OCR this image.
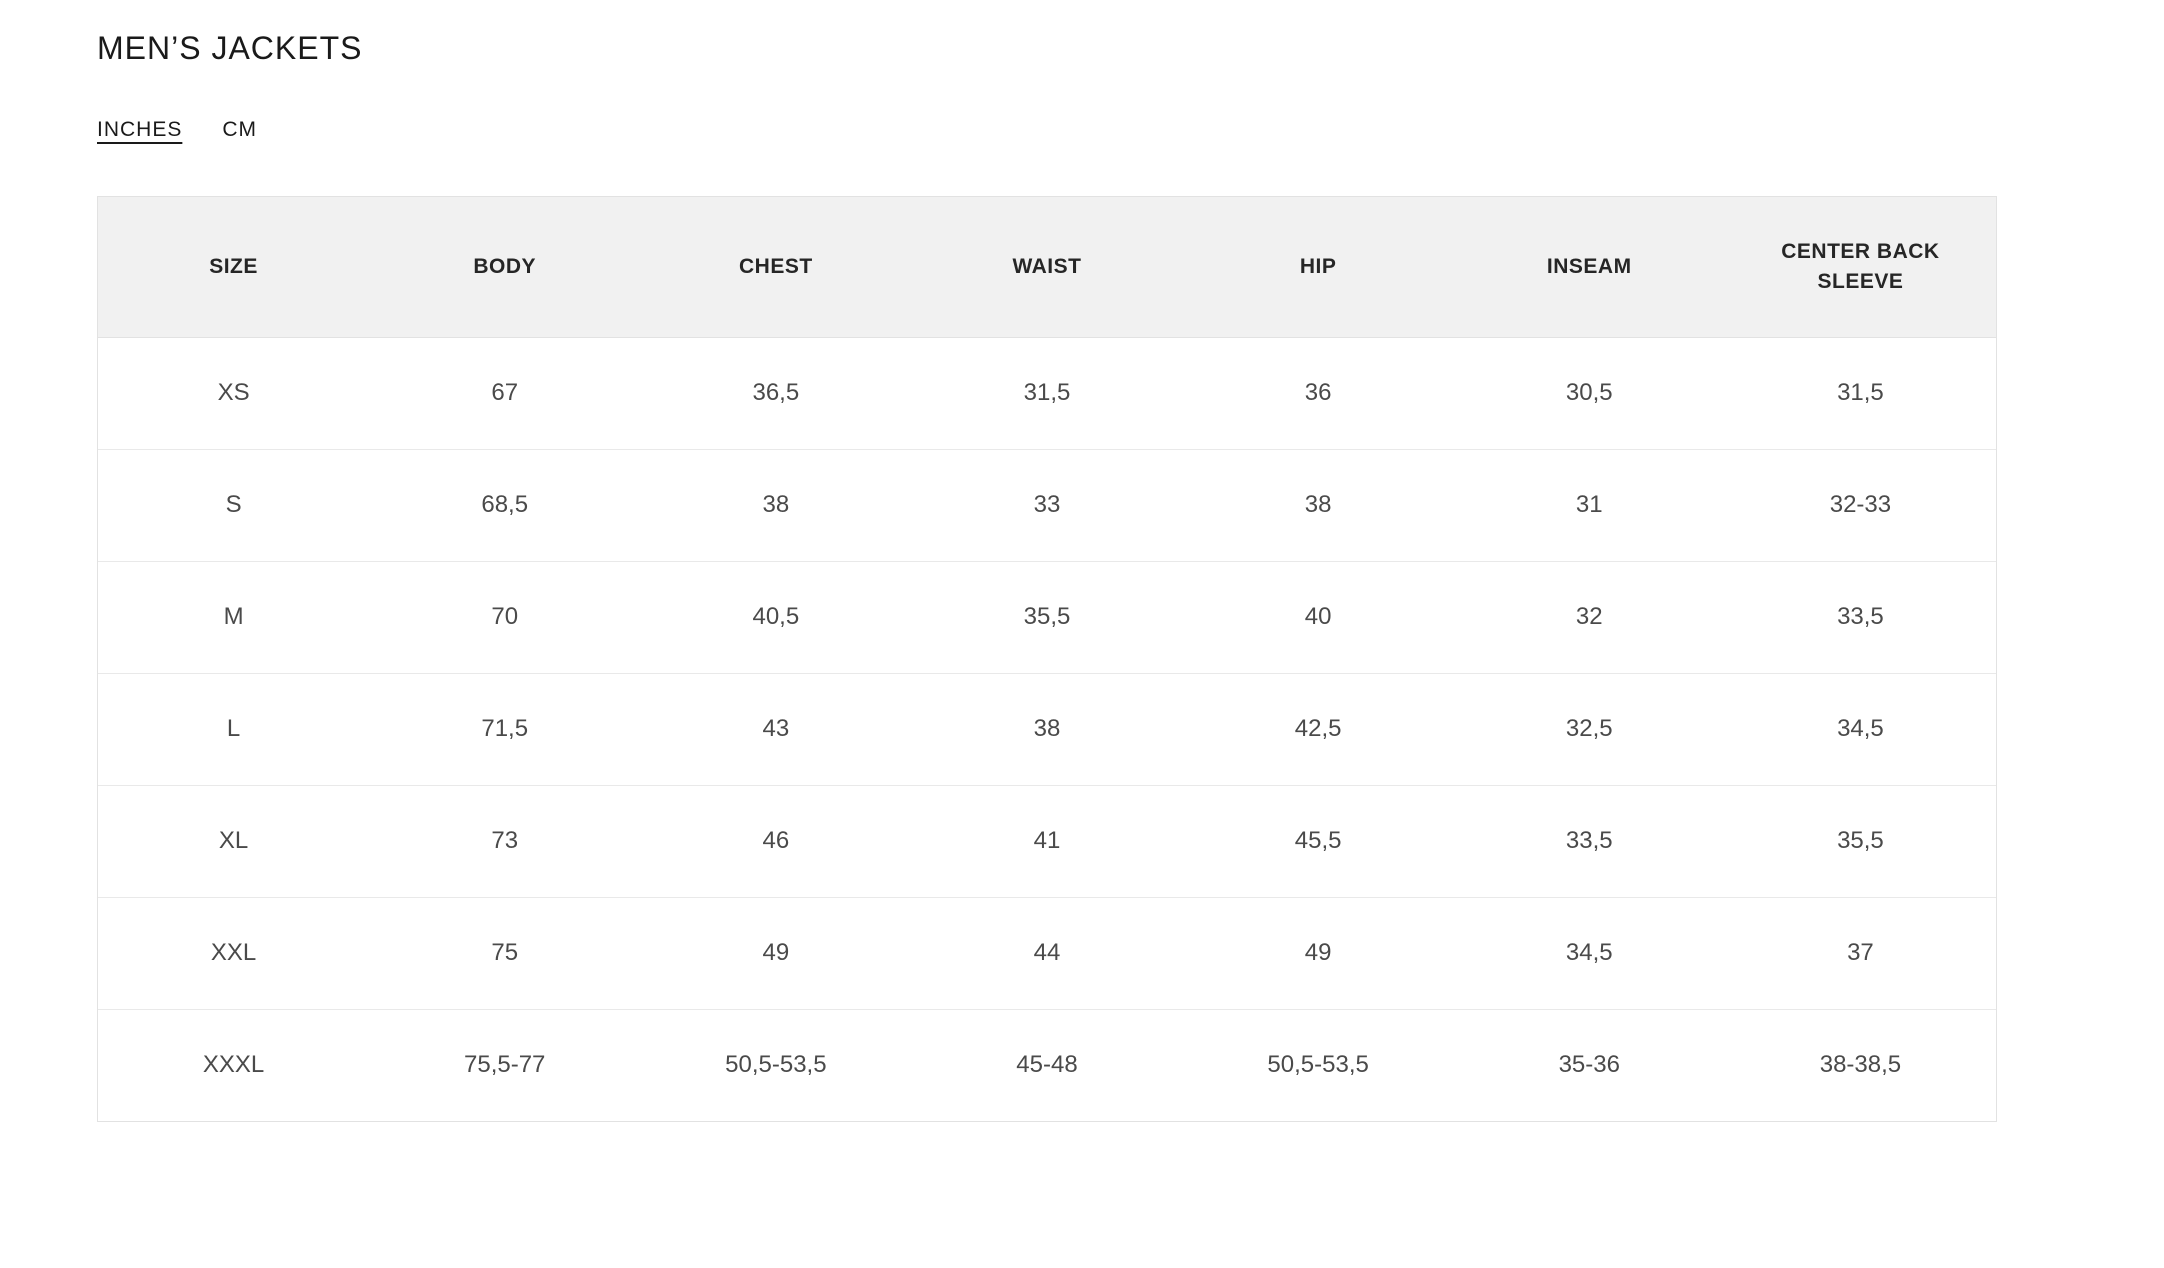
MEN’S JACKETS
INCHES CM
SIZE	BODY	CHEST	WAIST	HIP	INSEAM	CENTER BACK SLEEVE
XS	67	36,5	31,5	36	30,5	31,5
S	68,5	38	33	38	31	32-33
M	70	40,5	35,5	40	32	33,5
L	71,5	43	38	42,5	32,5	34,5
XL	73	46	41	45,5	33,5	35,5
XXL	75	49	44	49	34,5	37
XXXL	75,5-77	50,5-53,5	45-48	50,5-53,5	35-36	38-38,5
